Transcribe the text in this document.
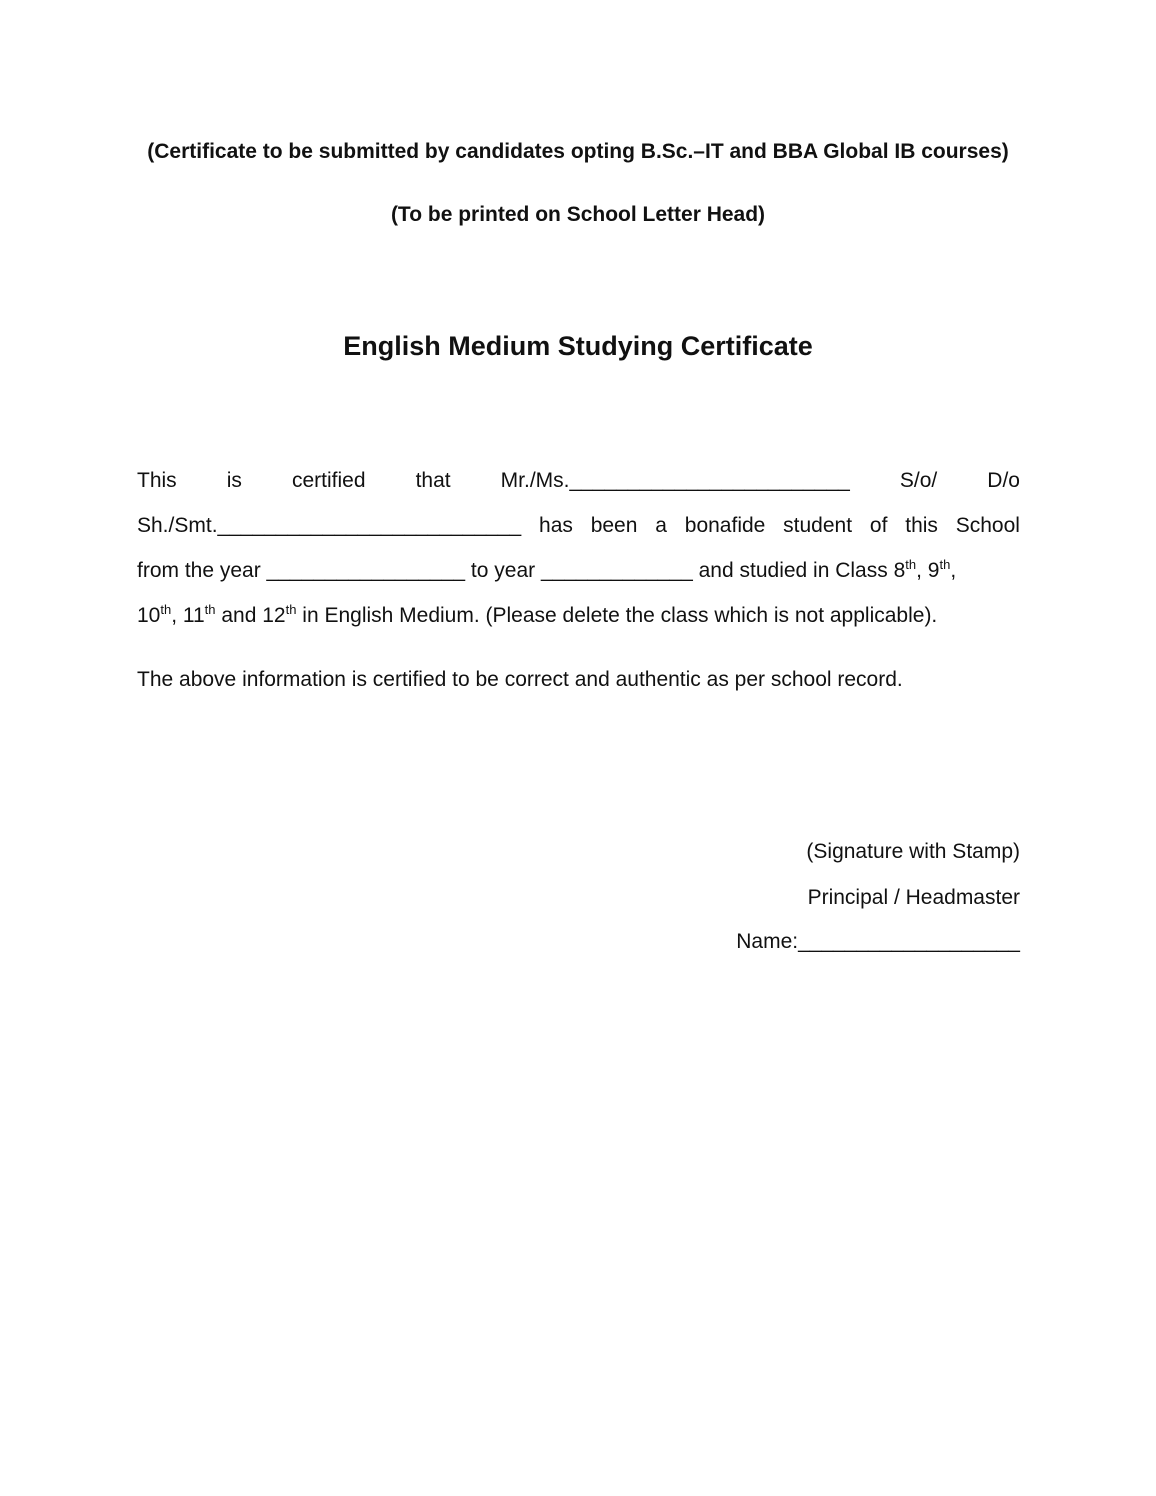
(Certificate to be submitted by candidates opting B.Sc.–IT and BBA Global IB courses)
(To be printed on School Letter Head)
English Medium Studying Certificate
This is certified that Mr./Ms.________________________ S/o/ D/o
Sh./Smt.__________________________ has been a bonafide student of this School
from the year _________________ to year _____________ and studied in Class 8th, 9th,
10th, 11th and 12th in English Medium. (Please delete the class which is not applicable).
The above information is certified to be correct and authentic as per school record.
(Signature with Stamp)
Principal / Headmaster
Name:___________________
